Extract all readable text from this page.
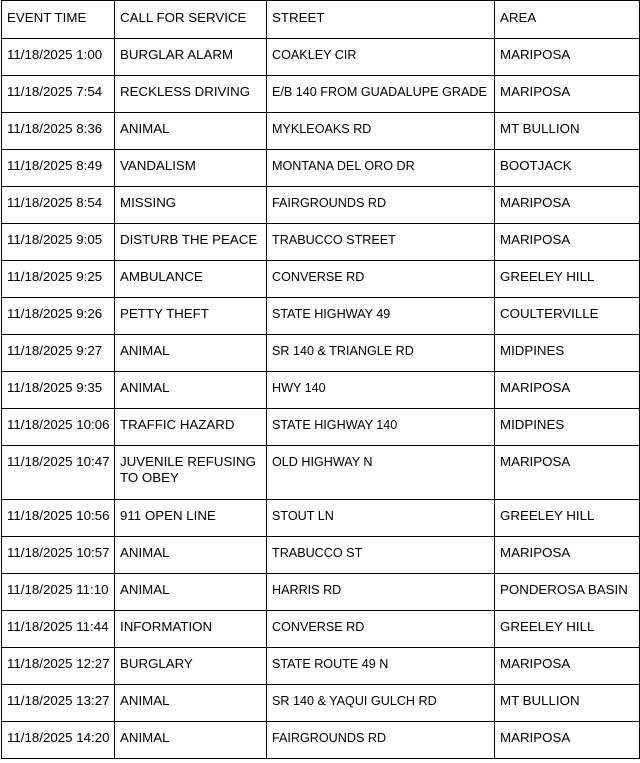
EVENT TIME	CALL FOR SERVICE	STREET	AREA
11/18/2025 1:00	BURGLAR ALARM	COAKLEY CIR	MARIPOSA
11/18/2025 7:54	RECKLESS DRIVING	E/B 140 FROM GUADALUPE GRADE	MARIPOSA
11/18/2025 8:36	ANIMAL	MYKLEOAKS RD	MT BULLION
11/18/2025 8:49	VANDALISM	MONTANA DEL ORO DR	BOOTJACK
11/18/2025 8:54	MISSING	FAIRGROUNDS RD	MARIPOSA
11/18/2025 9:05	DISTURB THE PEACE	TRABUCCO STREET	MARIPOSA
11/18/2025 9:25	AMBULANCE	CONVERSE RD	GREELEY HILL
11/18/2025 9:26	PETTY THEFT	STATE HIGHWAY 49	COULTERVILLE
11/18/2025 9:27	ANIMAL	SR 140 & TRIANGLE RD	MIDPINES
11/18/2025 9:35	ANIMAL	HWY 140	MARIPOSA
11/18/2025 10:06	TRAFFIC HAZARD	STATE HIGHWAY 140	MIDPINES
11/18/2025 10:47	JUVENILE REFUSING TO OBEY	OLD HIGHWAY N	MARIPOSA
11/18/2025 10:56	911 OPEN LINE	STOUT LN	GREELEY HILL
11/18/2025 10:57	ANIMAL	TRABUCCO ST	MARIPOSA
11/18/2025 11:10	ANIMAL	HARRIS RD	PONDEROSA BASIN
11/18/2025 11:44	INFORMATION	CONVERSE RD	GREELEY HILL
11/18/2025 12:27	BURGLARY	STATE ROUTE 49 N	MARIPOSA
11/18/2025 13:27	ANIMAL	SR 140 & YAQUI GULCH RD	MT BULLION
11/18/2025 14:20	ANIMAL	FAIRGROUNDS RD	MARIPOSA
